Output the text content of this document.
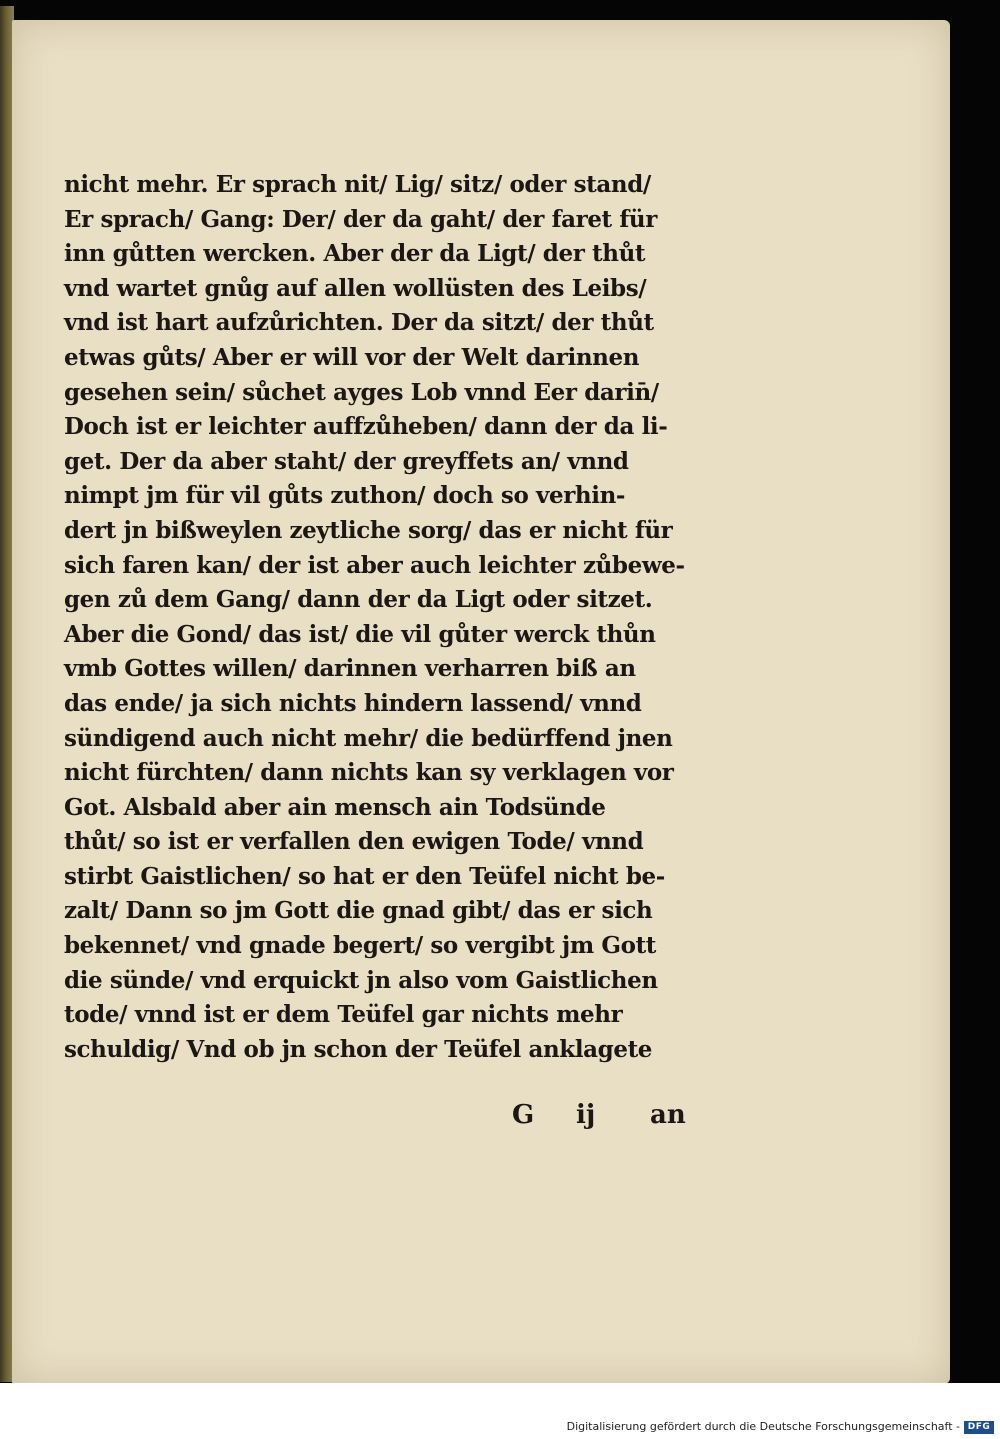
nicht mehr. Er sprach nit/ Lig/ sitz/ oder stand/
Er sprach/ Gang: Der/ der da gaht/ der faret für
inn gůtten wercken. Aber der da Ligt/ der thůt
vnd wartet gnůg auf allen wollüsten des Leibs/
vnd ist hart aufzůrichten. Der da sitzt/ der thůt
etwas gůts/ Aber er will vor der Welt darinnen
gesehen sein/ sůchet ayges Lob vnnd Eer darin̄/
Doch ist er leichter auffzůheben/ dann der da li-
get. Der da aber staht/ der greyffets an/ vnnd
nimpt jm für vil gůts zuthon/ doch so verhin-
dert jn bißweylen zeytliche sorg/ das er nicht für
sich faren kan/ der ist aber auch leichter zůbewe-
gen zů dem Gang/ dann der da Ligt oder sitzet.
Aber die Gond/ das ist/ die vil gůter werck thůn
vmb Gottes willen/ darinnen verharren biß an
das ende/ ja sich nichts hindern lassend/ vnnd
sündigend auch nicht mehr/ die bedürffend jnen
nicht fürchten/ dann nichts kan sy verklagen vor
Got. Alsbald aber ain mensch ain Todsünde
thůt/ so ist er verfallen den ewigen Tode/ vnnd
stirbt Gaistlichen/ so hat er den Teüfel nicht be-
zalt/ Dann so jm Gott die gnad gibt/ das er sich
bekennet/ vnd gnade begert/ so vergibt jm Gott
die sünde/ vnd erquickt jn also vom Gaistlichen
tode/ vnnd ist er dem Teüfel gar nichts mehr
schuldig/ Vnd ob jn schon der Teüfel anklagete
G ij an
Digitalisierung gefördert durch die Deutsche Forschungsgemeinschaft - DFG
